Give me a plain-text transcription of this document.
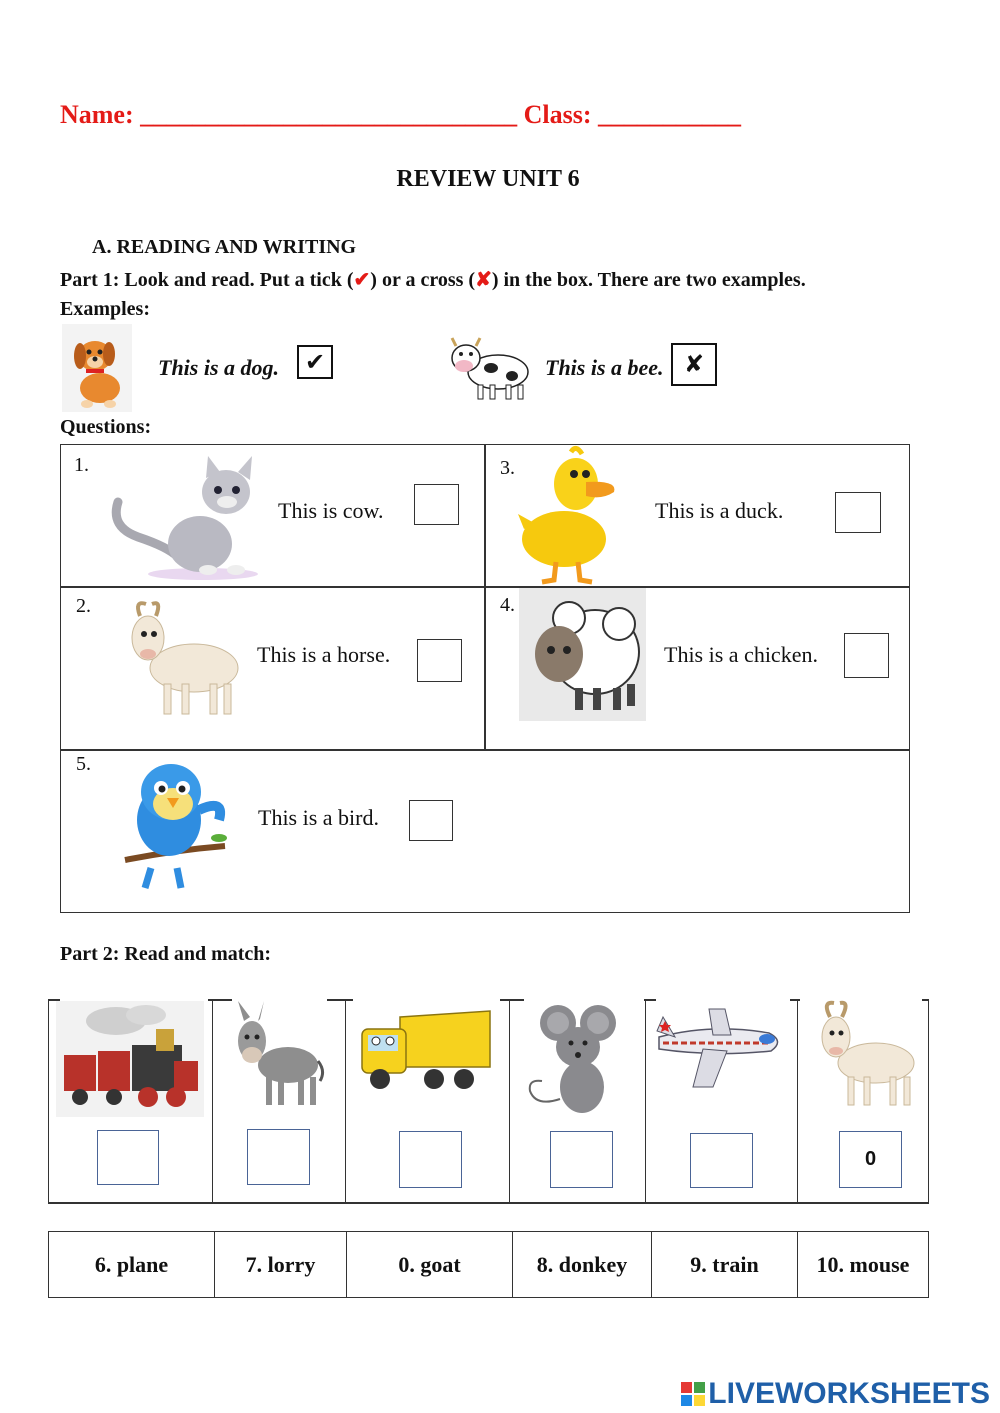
Name: _____________________________ Class: ___________
REVIEW UNIT 6
A. READING AND WRITING
Part 1: Look and read. Put a tick (✔) or a cross (✘) in the box. There are two examples.
Examples:
This is a dog.	✔	This is a bee. ✘
Questions:
1.
This is cow.
3.
This is a duck.
2.
This is a horse.
4.
This is a chicken.
5.
This is a bird.
Part 2: Read and match:
0
6. plane	7. lorry	0. goat	8. donkey	9. train	10. mouse
LIVEWORKSHEETS
